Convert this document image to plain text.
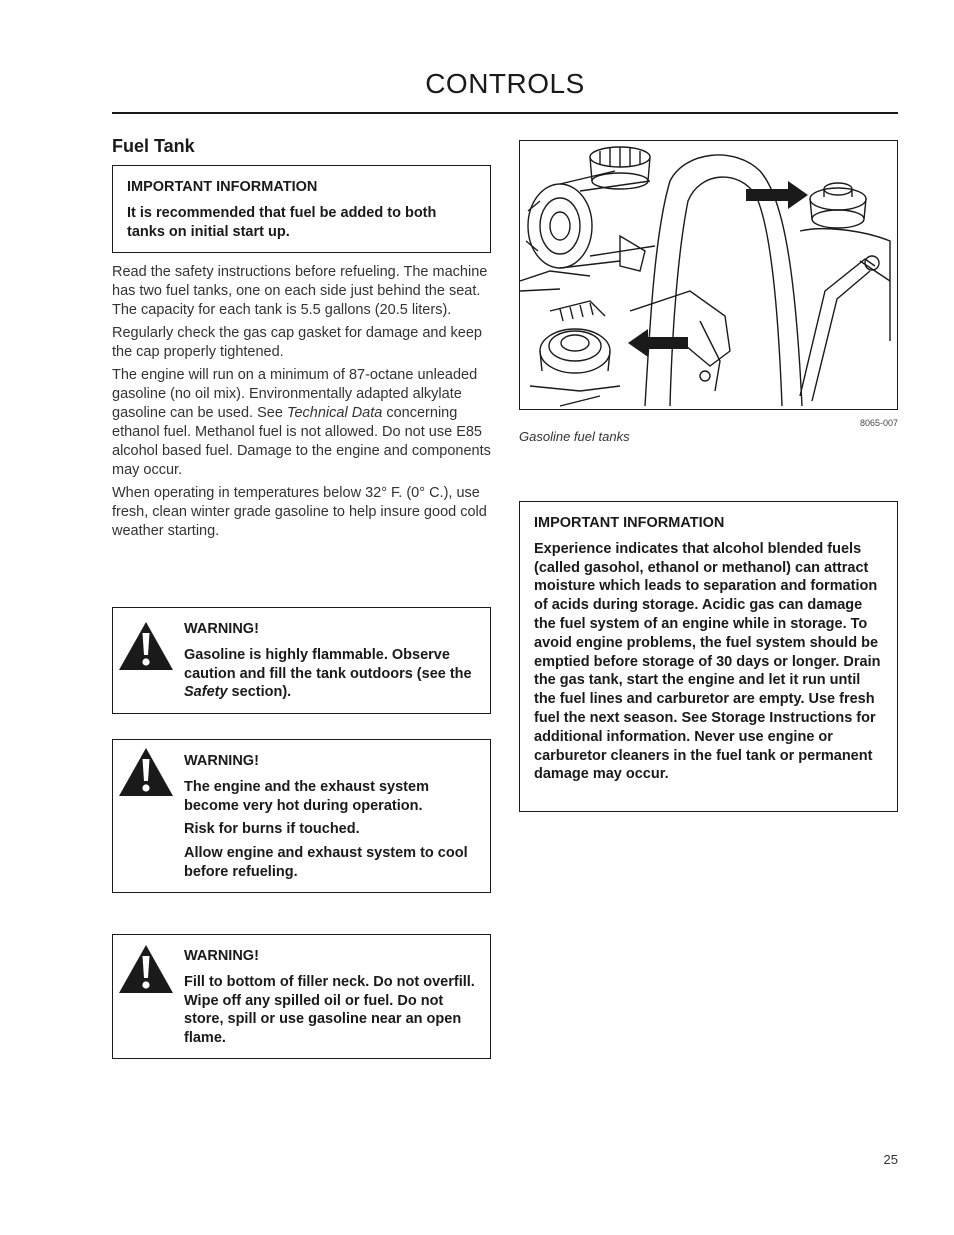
CONTROLS
Fuel Tank

IMPORTANT INFORMATION

It is recommended that fuel be added to both tanks on initial start up.

Read the safety instructions before refueling. The machine has two fuel tanks, one on each side just behind the seat. The capacity for each tank is 5.5 gallons (20.5 liters).

Regularly check the gas cap gasket for damage and keep the cap properly tightened.

The engine will run on a minimum of 87-octane unleaded gasoline (no oil mix). Environmentally adapted alkylate gasoline can be used. See Technical Data concerning ethanol fuel. Methanol fuel is not allowed. Do not use E85 alcohol based fuel. Damage to the engine and components may occur.

When operating in temperatures below 32° F. (0° C.), use fresh, clean winter grade gasoline to help insure good cold weather starting.

WARNING!

Gasoline is highly flammable. Observe caution and fill the tank outdoors (see the Safety section).

WARNING!

The engine and the exhaust system become very hot during operation.

Risk for burns if touched.

Allow engine and exhaust system to cool before refueling.

WARNING!

Fill to bottom of filler neck. Do not overfill. Wipe off any spilled oil or fuel. Do not store, spill or use gasoline near an open flame.

8065-007
Gasoline fuel tanks

IMPORTANT INFORMATION

Experience indicates that alcohol blended fuels (called gasohol, ethanol or methanol) can attract moisture which leads to separation and formation of acids during storage. Acidic gas can damage the fuel system of an engine while in storage. To avoid engine problems, the fuel system should be emptied before storage of 30 days or longer. Drain the gas tank, start the engine and let it run until the fuel lines and carburetor are empty. Use fresh fuel the next season. See Storage Instructions for additional information. Never use engine or carburetor cleaners in the fuel tank or permanent damage may occur.

25
